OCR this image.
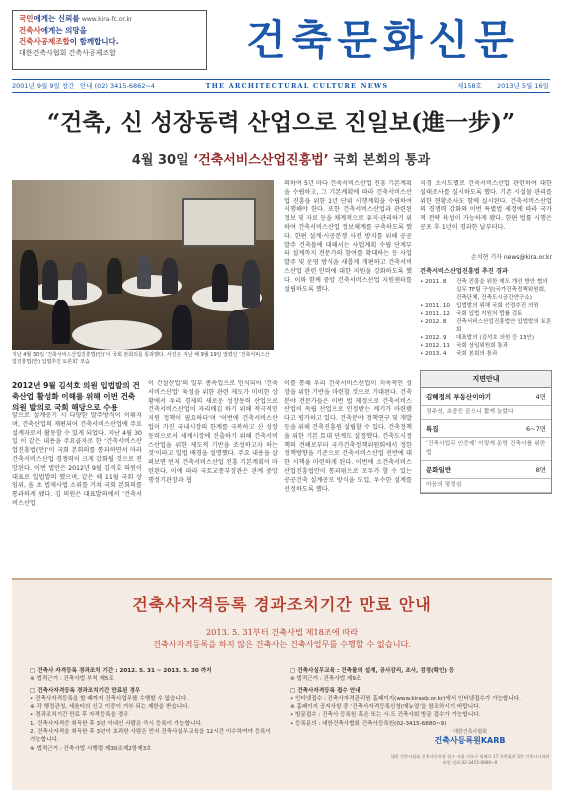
국민에게는 신뢰를 www.kira-fc.or.kr
건축사에게는 의망을
건축사공제조합이 함께합니다.
대한건축사협회 건축사공제조합	건축문화신문
2001년 9월 9일 창간 안내 (02) 3415-6862~4	THE ARCHITECTURAL CULTURE NEWS	제158호 2013년 5월 16일
“건축, 신 성장동력 산업으로 진일보(進一步)”
4월 30일 ‘건축서비스산업진흥법’ 국회 본회의 통과
지난 4월 30일 ‘건축서비스산업진흥법(안)’이 국회 본회의를 통과했다. 사진은 지난 해 9월 19일 열렸던 ‘건축서비스산업진흥법(안) 입법추진 토론회’ 모습
2012년 9월 김석호 의원 입법발의 건축산업 활성화 이해를 위해 이번 건축 의원 발의로 국회 해당으로 수용
앞으로 설계공기 시 다양한 발주방식이 이뤄지며, 건축산업의 재편되어 건축서비스산업에 주요 설계자로서 활동할 수 있게 되었다. 지난 4월 30일 이 같은 내용을 주요골자로 한 ‘건축서비스산업진흥법(안)’이 국회 본회의를 통과하면서 마라 건축서비스산업 경쟁력이 크게 강화될 것으로 전망된다. 이번 법안은 2012년 9월 김석호 의원이 대표로 입법발의 했으며, 같은 해 11월 국회 상임위, 올 초 법제사법 소위를 거쳐 국회 본회의를 통과하게 됐다. 김 의원은 대표발의에서 ‘건축서비스산업
이 건설산업'의 일부 종속업으로 인식되어 '건축서비스산업' 육성을 위한 관련 제도가 미비한 상황에서 우리 경제의 새로운 성장동력 산업으로 건축서비스산업이 자리매김 하기 위해 적극적인 지원 정책이 필요하다'며 '이번에 건축서비스산업이 가진 국내시장의 한계를 극복하고 신 성장동력으로서 세계시장에 진출하기 위해 건축서비스산업을 위한 제도적 기반을 조성하고자 하는 것'이라고 입법 배경을 설명했다. 주요 내용을 살펴보면 먼저 건축서비스산업 진흥 기본계획이 마련된다. 이에 따라 국토교통부장관은 관계 중앙행정기관장과 협
의하여 5년 마다 건축서비스산업 진흥 기본계획을 수립하고, 그 기본계획에 따라 건축서비스산업 진흥을 위한 1년 단위 시행계획을 수립하여 시행해야 한다. 또한 건축서비스산업과 관련된 정보 및 자료 등을 체계적으로 유지·관리하기 위하여 건축서비스산업 정보체계를 구축하도록 했다. 한편 설계·시공분쟁 사전 방지를 위해 공공발주 건축물에 대해서는 사업계획 수립 단계부터 설계까지 전문가의 참여를 확대하는 등 사업 발주 및 운영 방식을 새롭게 개편하고 건축서비스산업 관련 인력에 대한 지원을 강화하도록 했다. 이와 함께 중앙 건축서비스산업 지원센터를 설립하도록 했다.
이를 통해 우리 건축서비스산업이 지속적인 성장을 위한 기반을 마련할 것으로 기대된다. 건축분야 전문가들은 이번 법 제정으로 건축서비스산업이 독립 산업으로 인정받는 계기가 마련됐다고 평가하고 있다. 건축분야 정책연구 및 개발 등을 위해 건축진흥원 설립할 수 있다. 건축정책을 위한 기본 토대 단계도 설정했다. 건축도시정책의 견해로부터 국가건축정책위원회에서 정한 정책방향을 기준으로 건축서비스산업 전반에 대한 시책을 마련하게 된다. 이번에 소건축서비스산업진흥법안이 통과됨으로 모두가 할 수 있는 공공건축 설계공모 방식을 도입, 우수한 설계를 선정하도록 했다.
지경 소시도별로 건축서비스산업 관련하여 대한 실태조사를 실시하도록 했다. 기존 시설물 관리를 위한 현황조사도 함께 실시된다. 건축서비스산업의 경쟁력 강화와 이번 특별법 제정에 따라 국가적 전략 육성이 가능하게 됐다. 한편 법률 시행은 공포 후 1년이 경과한 날부터다.
손석현 기자 news@kira.or.kr
건축서비스산업진흥법 추진 경과
• 2011. 8	건축 진흥을 위한 제도 개선 방안 협의 실무 TF팀 구성(국가건축정책위원회, 건축단체, 건축도시공간연구소)
• 2011. 10	입법발의 위해 국회 선정추진 의원
• 2011. 12	국회 입법 지원처 법률 검토
• 2012. 8	건축서비스산업진흥법안 입법발의 토론회
• 2012. 9	대표발의 (김석호 의원 등 13인)
• 2012. 11	국회 상임위원회 통과
• 2013. 4	국회 본회의 통과
지면안내
김혜정의 부동산이야기	4면
정주성, 초중등 끝으니 짧게 늘렸다
특집	6~7면
‘건축사업무 인증제’ 이렇게 운영 건축사를 위한 법
문화일반	8면
마음의 평정심
건축사자격등록 경과조치기간 만료 안내
2013. 5. 31부터 건축사법 제18조에 따라
건축사자격등록을 하지 않은 건축사는 건축사업무를 수행할 수 없습니다.
□ 건축사 자격등록 경과조치 기간 : 2012. 5. 31 ~ 2013. 5. 30 까지
※ 법적근거 : 건축사법 부칙 제5조
□ 건축사자격등록 경과조치기간 만료된 경우
• 건축사자격등록을 할 때까지 건축사업무를 수행할 수 없습니다.
※ 각 행정관청, 세움터의 신고 이중이 거부 되는 제한을 받습니다.
• 경과조치기간 만료 후 자격등록을 경우
1. 건축사자격증 취득한 후 3년 이내인 사람은 즉시 등록이 가능합니다.
2. 건축사자격을 취득한 후 3년이 초과한 사람은 먼저 건축사실무교육을 12시간 이수하여야 등록이 가능합니다.
※ 법적근거 : 건축사법 시행령 제30조제2항제3호
□ 건축사실무교육 : 건축물의 설계, 공사감리, 조사, 검정(확인) 등
※ 법적근거 : 건축사법 제9조
□ 건축사자격등록 접수 안내
• 인터넷접수 : 건축사자격관리원 홈페이지(www.kiraeb.or.kr)에서 인터넷접수가 가능합니다.
※ 홈페이지 공지사항 중 ‘건축사자격등록신청(매뉴얼’을 참조하시기 바랍니다.
• 방문접수 : 건축사 등록원 혹은 또는 시·도 건축사회 방문 접수가 가능합니다.
• 등록문의 : 대한건축사협회 건축사등록원(02-3415-6880~9)
대한건축사협회
건축사등록원KARB
대한 건축사협회 건축사등록원 접수 서울 서초구 방배로 17 건축회관 3층 건축사자격관리원 전화 02-3415-6880~9
